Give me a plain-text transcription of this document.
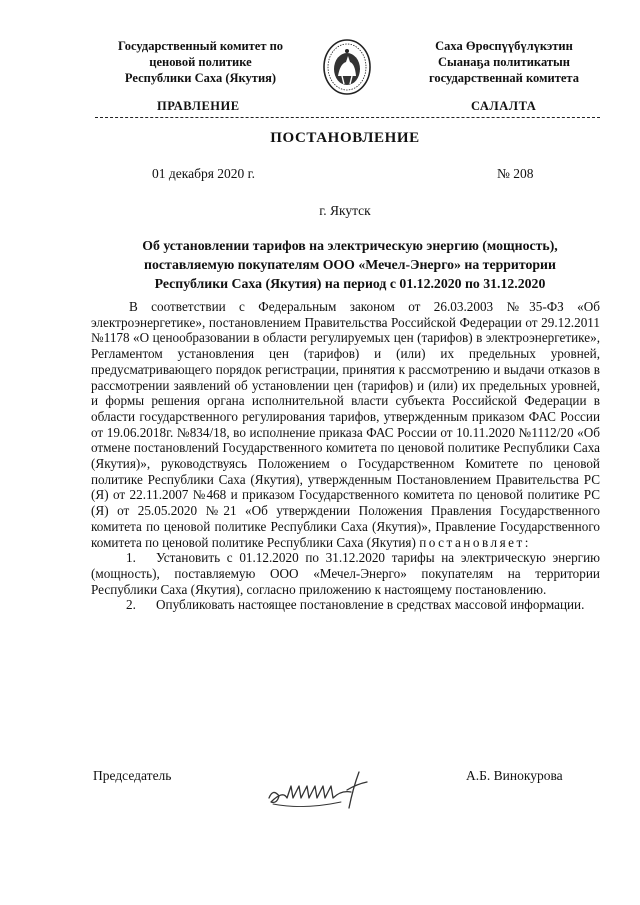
Государственный комитет по
ценовой политике
Республики Саха (Якутия)
Саха Өрөспүүбүлүкэтин
Сыанаҕа политикатын
государственнай комитета
ПРАВЛЕНИЕ	САЛАЛТА
ПОСТАНОВЛЕНИЕ
01 декабря 2020 г.	№ 208
г. Якутск
Об установлении тарифов на электрическую энергию (мощность),
поставляемую покупателям ООО «Мечел-Энерго» на территории
Республики Саха (Якутия) на период с 01.12.2020 по 31.12.2020

В соответствии с Федеральным законом от 26.03.2003 №35-ФЗ «Об электроэнергетике», постановлением Правительства Российской Федерации от 29.12.2011 №1178 «О ценообразовании в области регулируемых цен (тарифов) в электроэнергетике», Регламентом установления цен (тарифов) и (или) их предельных уровней, предусматривающего порядок регистрации, принятия к рассмотрению и выдачи отказов в рассмотрении заявлений об установлении цен (тарифов) и (или) их предельных уровней, и формы решения органа исполнительной власти субъекта Российской Федерации в области государственного регулирования тарифов, утвержденным приказом ФАС России от 19.06.2018г. №834/18, во исполнение приказа ФАС России от 10.11.2020 №1112/20 «Об отмене постановлений Государственного комитета по ценовой политике Республики Саха (Якутия)», руководствуясь Положением о Государственном Комитете по ценовой политике Республики Саха (Якутия), утвержденным Постановлением Правительства РС (Я) от 22.11.2007 №468 и приказом Государственного комитета по ценовой политике РС (Я) от 25.05.2020 №21 «Об утверждении Положения Правления Государственного комитета по ценовой политике Республики Саха (Якутия)», Правление Государственного комитета по ценовой политике Республики Саха (Якутия) постановляет:

1. Установить с 01.12.2020 по 31.12.2020 тарифы на электрическую энергию (мощность), поставляемую ООО «Мечел-Энерго» покупателям на территории Республики Саха (Якутия), согласно приложению к настоящему постановлению.

2. Опубликовать настоящее постановление в средствах массовой информации.

Председатель	А.Б. Винокурова
